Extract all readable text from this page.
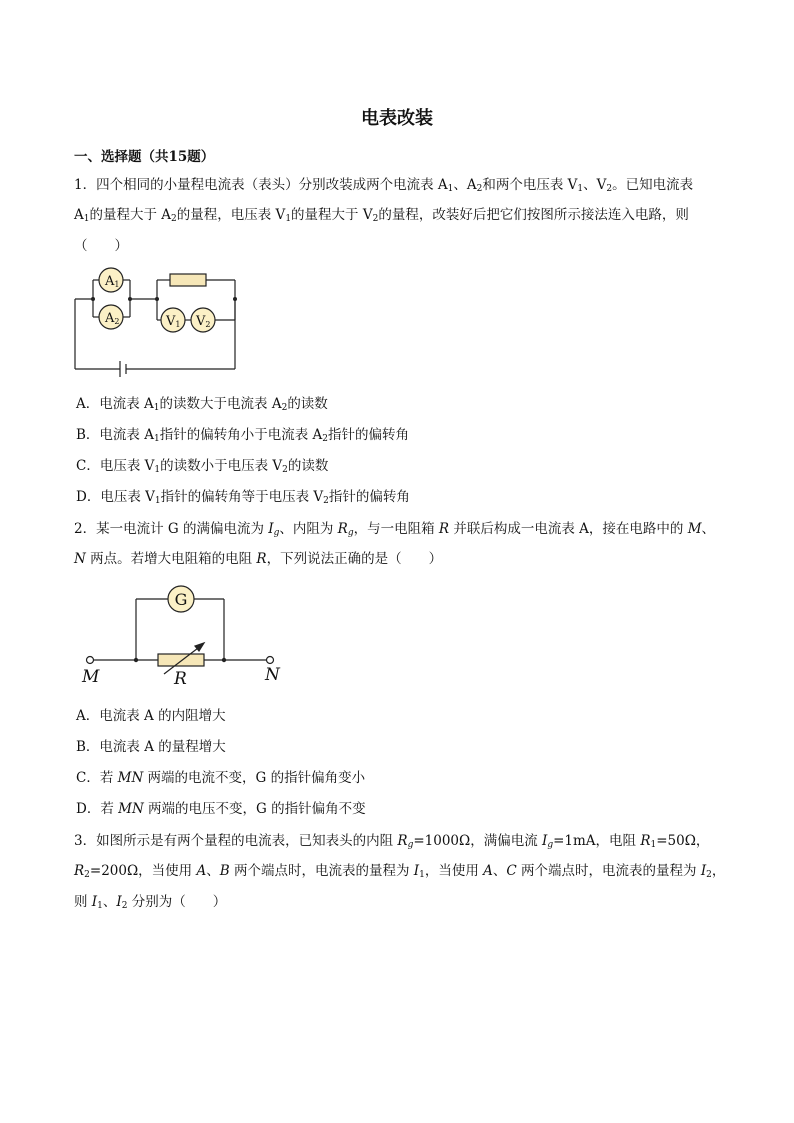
电表改装
一、选择题（共15题）
1．四个相同的小量程电流表（表头）分别改装成两个电流表 $A_1$、$A_2$和两个电压表 $V_1$、$V_2$。已知电流表
$A_1$的量程大于 $A_2$的量程，电压表 $V_1$的量程大于 $V_2$的量程，改装好后把它们按图所示接法连入电路，则
（　　）
A1
A2	V1 V2
A．电流表 $A_1$的读数大于电流表 $A_2$的读数
B．电流表 $A_1$指针的偏转角小于电流表 $A_2$指针的偏转角
C．电压表 $V_1$的读数小于电压表 $V_2$的读数
D．电压表 $V_1$指针的偏转角等于电压表 $V_2$指针的偏转角
2．某一电流计 G 的满偏电流为 $I_g$、内阻为 $R_g$，与一电阻箱 R 并联后构成一电流表 A，接在电路中的 M、
N 两点。若增大电阻箱的电阻 R，下列说法正确的是（　　）
G
M	R	N
A．电流表 A 的内阻增大
B．电流表 A 的量程增大
C．若 MN 两端的电流不变，G 的指针偏角变小
D．若 MN 两端的电压不变，G 的指针偏角不变
3．如图所示是有两个量程的电流表，已知表头的内阻 $R_g=1000\Omega$，满偏电流 $I_g=1mA$，电阻 $R_1=50\Omega$，
$R_2=200\Omega$，当使用 A、B 两个端点时，电流表的量程为 $I_1$，当使用 A、C 两个端点时，电流表的量程为 $I_2$，
则 $I_1$、$I_2$ 分别为（　　）
